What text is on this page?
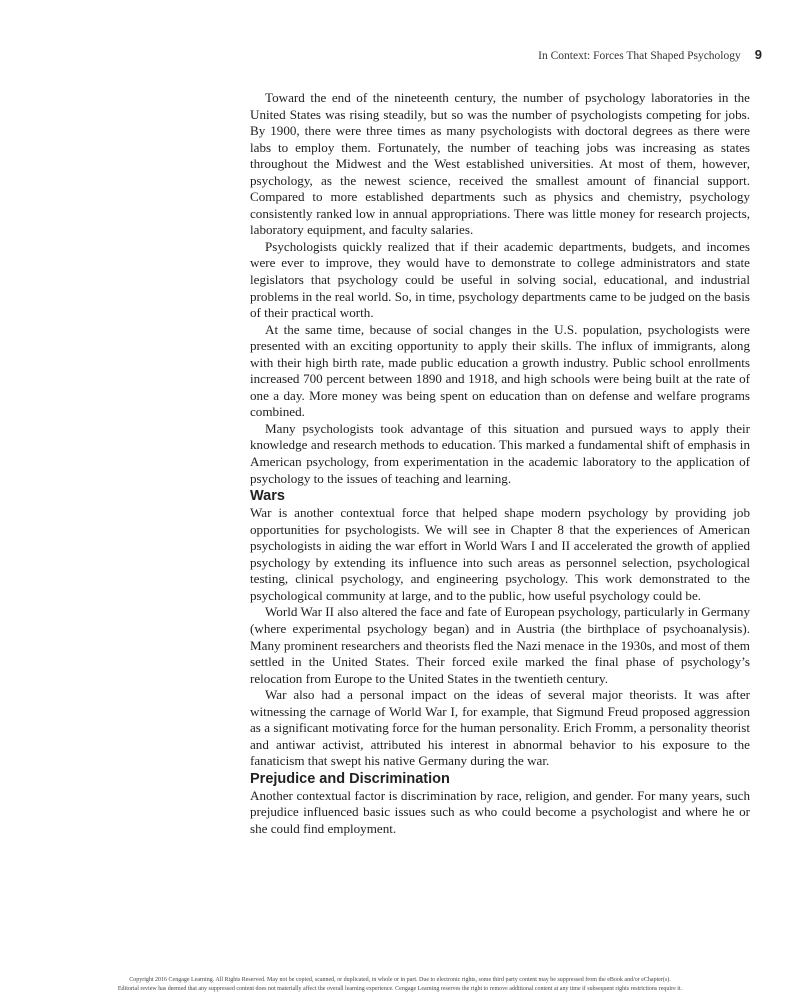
In Context: Forces That Shaped Psychology 9

Toward the end of the nineteenth century, the number of psychology laboratories in the United States was rising steadily, but so was the number of psychologists competing for jobs. By 1900, there were three times as many psychologists with doctoral degrees as there were labs to employ them. Fortunately, the number of teaching jobs was increasing as states throughout the Midwest and the West established universities. At most of them, however, psychology, as the newest science, received the smallest amount of financial support. Compared to more established departments such as physics and chemistry, psychology consistently ranked low in annual appropriations. There was little money for research projects, laboratory equipment, and faculty salaries.

Psychologists quickly realized that if their academic departments, budgets, and incomes were ever to improve, they would have to demonstrate to college administrators and state legislators that psychology could be useful in solving social, educational, and industrial problems in the real world. So, in time, psychology departments came to be judged on the basis of their practical worth.

At the same time, because of social changes in the U.S. population, psychologists were presented with an exciting opportunity to apply their skills. The influx of immigrants, along with their high birth rate, made public education a growth industry. Public school enrollments increased 700 percent between 1890 and 1918, and high schools were being built at the rate of one a day. More money was being spent on education than on defense and welfare programs combined.

Many psychologists took advantage of this situation and pursued ways to apply their knowledge and research methods to education. This marked a fundamental shift of emphasis in American psychology, from experimentation in the academic laboratory to the application of psychology to the issues of teaching and learning.

Wars

War is another contextual force that helped shape modern psychology by providing job opportunities for psychologists. We will see in Chapter 8 that the experiences of American psychologists in aiding the war effort in World Wars I and II accelerated the growth of applied psychology by extending its influence into such areas as personnel selection, psychological testing, clinical psychology, and engineering psychology. This work demonstrated to the psychological community at large, and to the public, how useful psychology could be.

World War II also altered the face and fate of European psychology, particularly in Germany (where experimental psychology began) and in Austria (the birthplace of psychoanalysis). Many prominent researchers and theorists fled the Nazi menace in the 1930s, and most of them settled in the United States. Their forced exile marked the final phase of psychology’s relocation from Europe to the United States in the twentieth century.

War also had a personal impact on the ideas of several major theorists. It was after witnessing the carnage of World War I, for example, that Sigmund Freud proposed aggression as a significant motivating force for the human personality. Erich Fromm, a personality theorist and antiwar activist, attributed his interest in abnormal behavior to his exposure to the fanaticism that swept his native Germany during the war.

Prejudice and Discrimination

Another contextual factor is discrimination by race, religion, and gender. For many years, such prejudice influenced basic issues such as who could become a psychologist and where he or she could find employment.

Copyright 2016 Cengage Learning. All Rights Reserved. May not be copied, scanned, or duplicated, in whole or in part. Due to electronic rights, some third party content may be suppressed from the eBook and/or eChapter(s).
Editorial review has deemed that any suppressed content does not materially affect the overall learning experience. Cengage Learning reserves the right to remove additional content at any time if subsequent rights restrictions require it.
